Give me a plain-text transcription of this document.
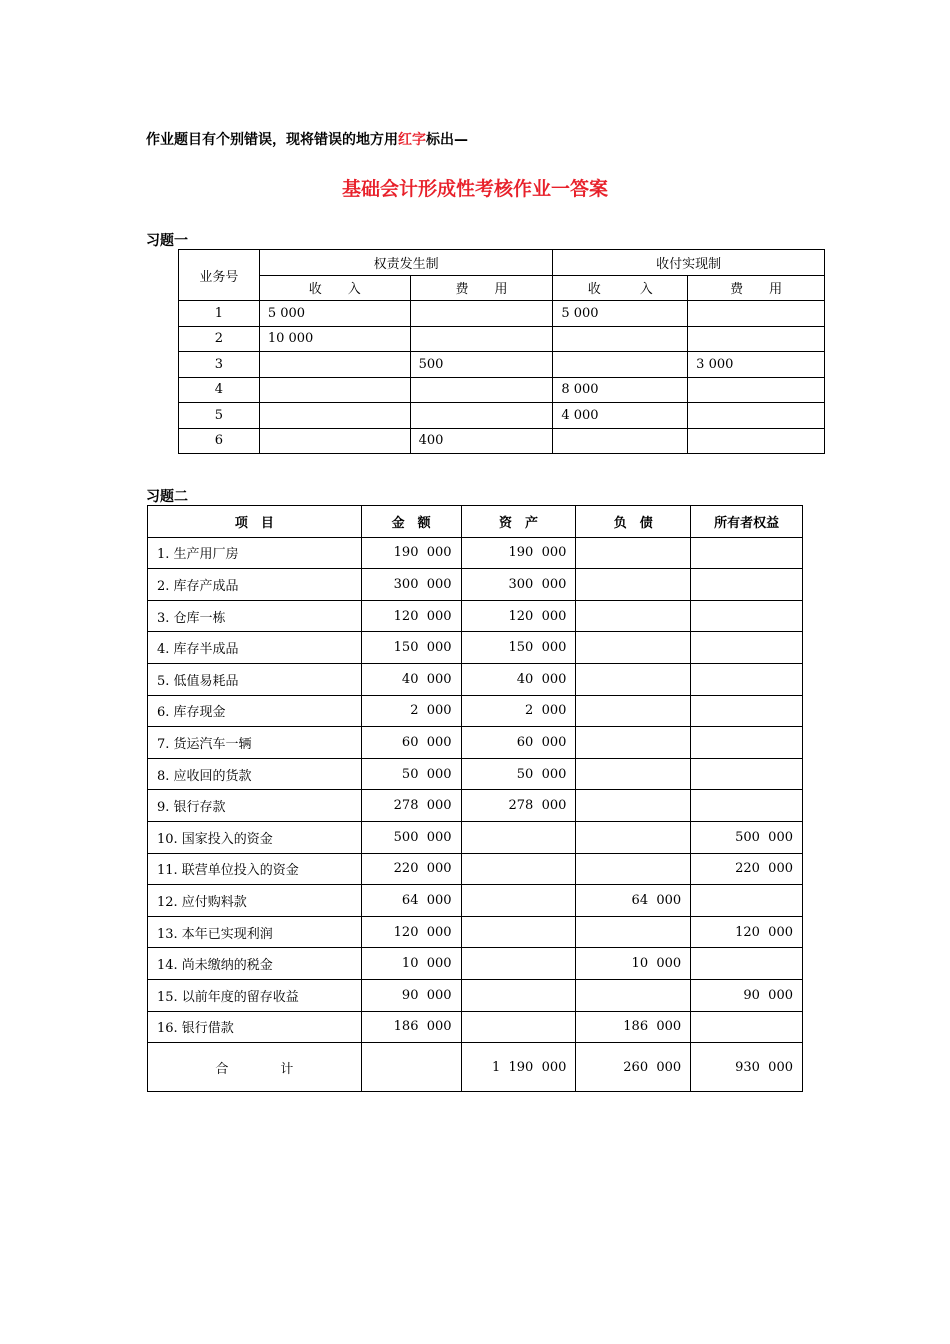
作业题目有个别错误，现将错误的地方用红字标出—
基础会计形成性考核作业一答案
习题一
业务号	权责发生制		收付实现制	
	收　　入	费　　用	收　　　入	费　　用
1	5 000		5 000	
2	10 000			
3		500		3 000
4			8 000	
5			4 000	
6		400		
习题二
项　目	金　额	资　产	负　债	所有者权益
1. 生产用厂房	190  000	190  000		
2. 库存产成品	300  000	300  000		
3. 仓库一栋	120  000	120  000		
4. 库存半成品	150  000	150  000		
5. 低值易耗品	40  000	40  000		
6. 库存现金	2  000	2  000		
7. 货运汽车一辆	60  000	60  000		
8. 应收回的货款	50  000	50  000		
9. 银行存款	278  000	278  000		
10. 国家投入的资金	500  000			500  000
11. 联营单位投入的资金	220  000			220  000
12. 应付购料款	64  000		64  000	
13. 本年已实现利润	120  000			120  000
14. 尚未缴纳的税金	10  000		10  000	
15. 以前年度的留存收益	90  000			90  000
16. 银行借款	186  000		186  000	
合　　　　计		1  190  000	260  000	930  000
